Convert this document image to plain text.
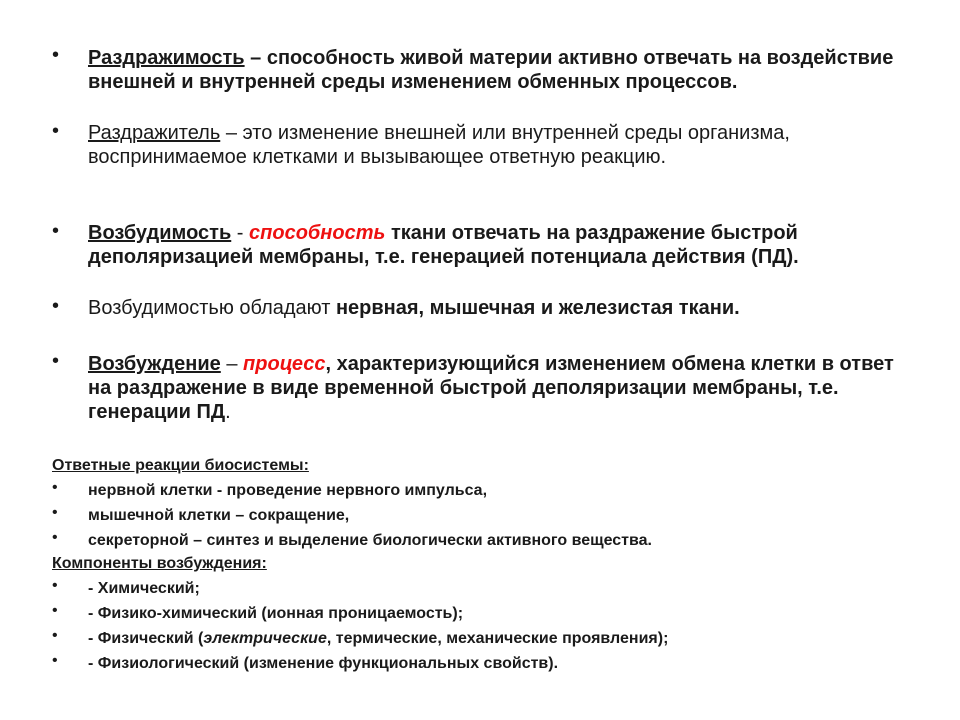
• Раздражимость – способность живой материи активно отвечать на воздействие внешней и внутренней среды изменением обменных процессов.
• Раздражитель – это изменение внешней или внутренней среды организма, воспринимаемое клетками и вызывающее ответную реакцию.
• Возбудимость - способность ткани отвечать на раздражение быстрой деполяризацией мембраны, т.е. генерацией потенциала действия (ПД).
• Возбудимостью обладают нервная, мышечная и железистая ткани.
• Возбуждение – процесс, характеризующийся изменением обмена клетки в ответ на раздражение в виде временной быстрой деполяризации мембраны, т.е. генерации ПД.
Ответные реакции биосистемы:
• нервной клетки - проведение нервного импульса,
• мышечной клетки – сокращение,
• секреторной – синтез и выделение биологически активного вещества.
Компоненты возбуждения:
• - Химический;
• - Физико-химический (ионная проницаемость);
• - Физический (электрические, термические, механические проявления);
• - Физиологический (изменение функциональных свойств).
